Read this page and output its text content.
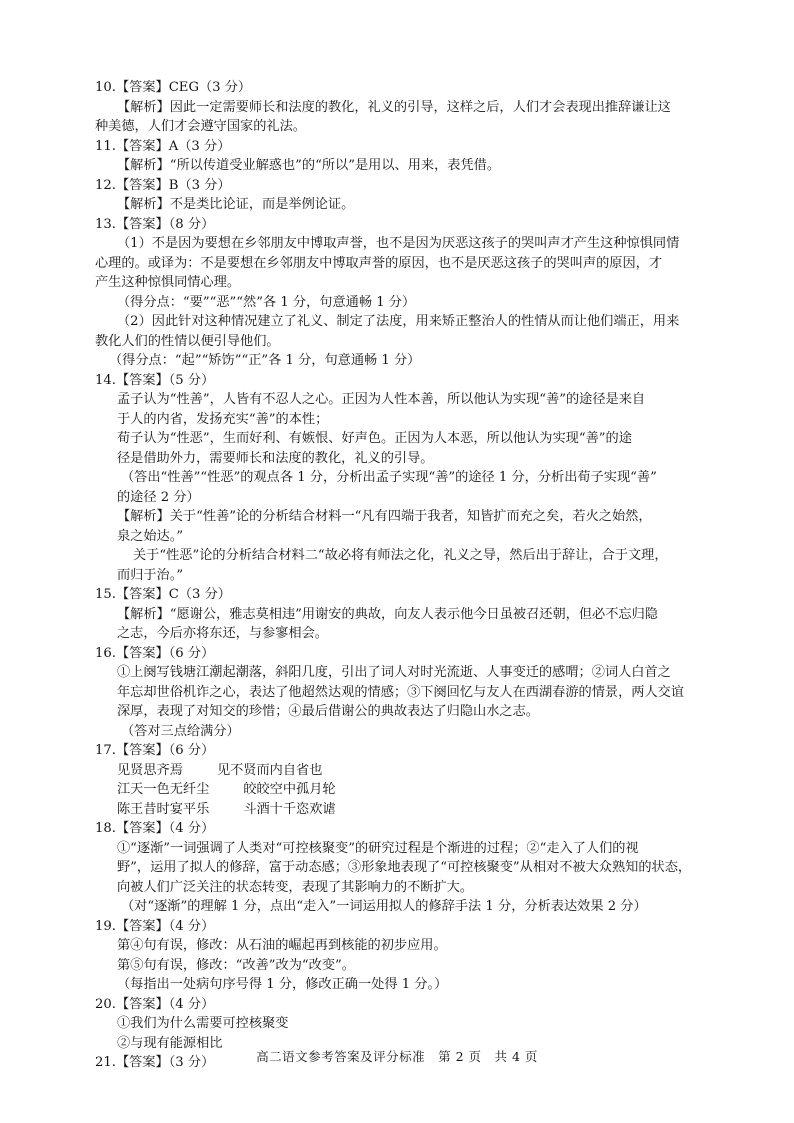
10.【答案】CEG（3 分）
【解析】因此一定需要师长和法度的教化，礼义的引导，这样之后，人们才会表现出推辞谦让这
种美德，人们才会遵守国家的礼法。
11.【答案】A（3 分）
【解析】“所以传道受业解惑也”的“所以”是用以、用来，表凭借。
12.【答案】B（3 分）
【解析】不是类比论证，而是举例论证。
13.【答案】（8 分）
（1）不是因为要想在乡邻朋友中博取声誉，也不是因为厌恶这孩子的哭叫声才产生这种惊惧同情
心理的。或译为：不是要想在乡邻朋友中博取声誉的原因，也不是厌恶这孩子的哭叫声的原因，才
产生这种惊惧同情心理。
（得分点：“要”“恶”“然”各 1 分，句意通畅 1 分）
（2）因此针对这种情况建立了礼义、制定了法度，用来矫正整治人的性情从而让他们端正，用来
教化人们的性情以便引导他们。
（得分点：“起”“矫饬”“正”各 1 分，句意通畅 1 分）
14.【答案】（5 分）
孟子认为“性善”，人皆有不忍人之心。正因为人性本善，所以他认为实现“善”的途径是来自
于人的内省，发扬充实“善”的本性；
荀子认为“性恶”，生而好利、有嫉恨、好声色。正因为人本恶，所以他认为实现“善”的途
径是借助外力，需要师长和法度的教化，礼义的引导。
（答出“性善”“性恶”的观点各 1 分，分析出孟子实现“善”的途径 1 分，分析出荀子实现“善”
的途径 2 分）
【解析】关于“性善”论的分析结合材料一“凡有四端于我者，知皆扩而充之矣，若火之始然，
泉之始达。”
关于“性恶”论的分析结合材料二“故必将有师法之化，礼义之导，然后出于辞让，合于文理，
而归于治。”
15.【答案】C（3 分）
【解析】“愿谢公，雅志莫相违”用谢安的典故，向友人表示他今日虽被召还朝，但必不忘归隐
之志，今后亦将东还，与参寥相会。
16.【答案】（6 分）
①上阕写钱塘江潮起潮落，斜阳几度，引出了词人对时光流逝、人事变迁的感喟；②词人白首之
年忘却世俗机诈之心，表达了他超然达观的情感；③下阕回忆与友人在西湖春游的情景，两人交谊
深厚，表现了对知交的珍惜；④最后借谢公的典故表达了归隐山水之志。
（答对三点给满分）
17.【答案】（6 分）
见贤思齐焉	见不贤而内自省也
江天一色无纤尘	皎皎空中孤月轮
陈王昔时宴平乐	斗酒十千恣欢谑
18.【答案】（4 分）
①“逐渐”一词强调了人类对“可控核聚变”的研究过程是个渐进的过程；②“走入了人们的视
野”，运用了拟人的修辞，富于动态感；③形象地表现了“可控核聚变”从相对不被大众熟知的状态，
向被人们广泛关注的状态转变，表现了其影响力的不断扩大。
（对“逐渐”的理解 1 分，点出“走入”一词运用拟人的修辞手法 1 分，分析表达效果 2 分）
19.【答案】（4 分）
第④句有误，修改：从石油的崛起再到核能的初步应用。
第⑤句有误，修改：“改善”改为“改变”。
（每指出一处病句序号得 1 分，修改正确一处得 1 分。）
20.【答案】（4 分）
①我们为什么需要可控核聚变
②与现有能源相比
21.【答案】（3 分）	高二语文参考答案及评分标准　第 2 页　共 4 页
